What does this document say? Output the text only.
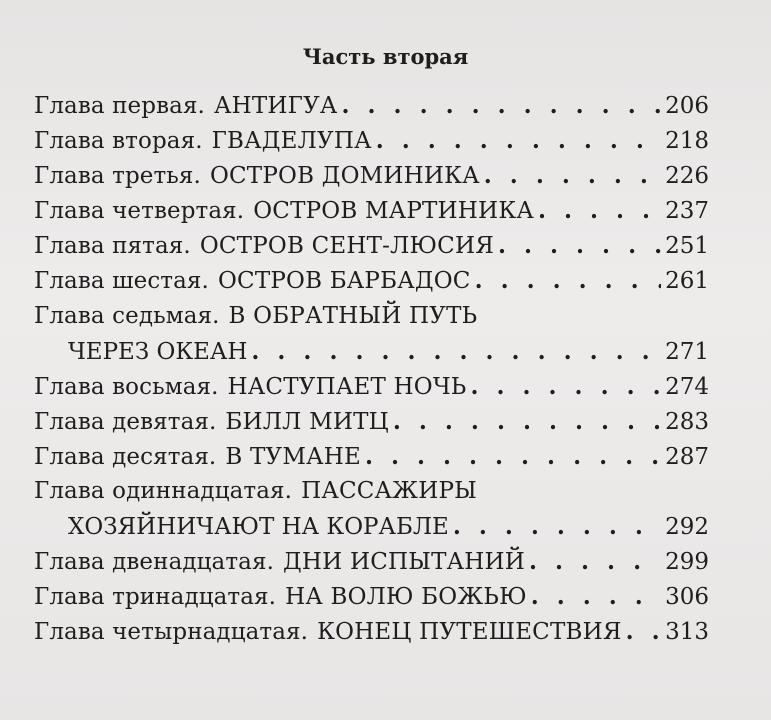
Часть вторая
Глава первая. АНТИГУА . . .	206
Глава вторая. ГВАДЕЛУПА . . .	218
Глава третья. ОСТРОВ ДОМИНИКА . . .	226
Глава четвертая. ОСТРОВ МАРТИНИКА . . .	237
Глава пятая. ОСТРОВ СЕНТ-ЛЮСИЯ . . .	251
Глава шестая. ОСТРОВ БАРБАДОС . . .	261
Глава седьмая. В ОБРАТНЫЙ ПУТЬ
ЧЕРЕЗ ОКЕАН . . .	271
Глава восьмая. НАСТУПАЕТ НОЧЬ . . .	274
Глава девятая. БИЛЛ МИТЦ . . .	283
Глава десятая. В ТУМАНЕ . . .	287
Глава одиннадцатая. ПАССАЖИРЫ
ХОЗЯЙНИЧАЮТ НА КОРАБЛЕ . . .	292
Глава двенадцатая. ДНИ ИСПЫТАНИЙ . . .	299
Глава тринадцатая. НА ВОЛЮ БОЖЬЮ . . .	306
Глава четырнадцатая. КОНЕЦ ПУТЕШЕСТВИЯ . . . 313
